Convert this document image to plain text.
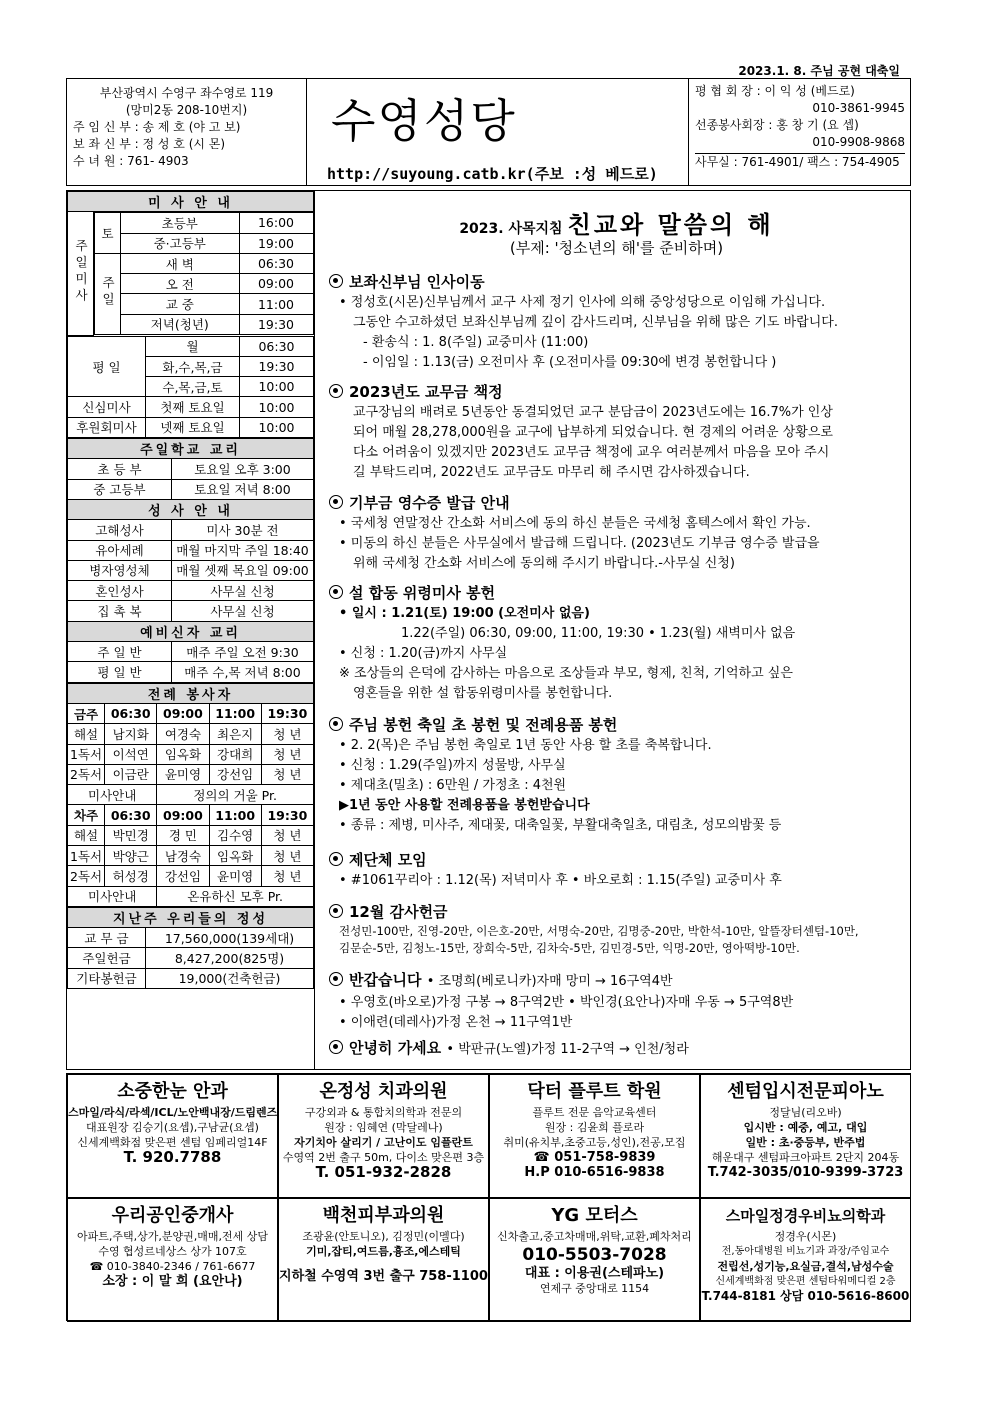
2023.1. 8. 주님 공현 대축일
부산광역시 수영구 좌수영로 119
(망미2동 208-10번지)
주 임 신 부 : 송 제 호 (야 고 보)
보 좌 신 부 : 정 성 호 (시 몬)
수 녀 원 : 761- 4903
수영성당
http://suyoung.catb.kr(주보 :성 베드로)
평 협 회 장 : 이 익 성 (베드로)
010-3861-9945
선종봉사회장 : 홍 창 기 (요 셉)
010-9908-9868
사무실 : 761-4901/ 팩스 : 754-4905
미 사 안 내
주일미사		
토	초등부	16:00
중·고등부	19:00
주일	새 벽	06:30
오 전	09:00
교 중	11:00
저녁(청년)	19:30

평 일	월	06:30
	화,수,목,금	19:30
	수,목,금,토	10:00
신심미사	첫째 토요일	10:00
후원회미사	넷째 토요일	10:00
주일학교 교리	
초 등 부	토요일 오후 3:00
중 고등부	토요일 저녁 8:00
성 사 안 내	
고해성사	미사 30분 전
유아세례	매월 마지막 주일 18:40
병자영성체	매월 셋째 목요일 09:00
혼인성사	사무실 신청
집 촉 복	사무실 신청
예비신자 교리	
주 일 반	매주 주일 오전 9:30
평 일 반	매주 수,목 저녁 8:00
전례 봉사자				
금주	06:30	09:00	11:00	19:30
해설	남지화	여경숙	최은지	청 년
1독서	이석연	임옥화	강대희	청 년
2독서	이금란	윤미영	강선임	청 년
미사안내		정의의 거울 Pr.		
차주	06:30	09:00	11:00	19:30
해설	박민경	경 민	김수영	청 년
1독서	박양근	남경숙	임옥화	청 년
2독서	허성경	강선임	윤미영	청 년
미사안내		온유하신 모후 Pr.		
지난주 우리들의 정성	
교 무 금	17,560,000(139세대)
주일헌금	8,427,200(825명)
기타봉헌금	19,000(건축헌금)
2023. 사목지침 친교와 말씀의 해
(부제: '청소년의 해'를 준비하며)
보좌신부님 인사이동
• 정성호(시몬)신부님께서 교구 사제 정기 인사에 의해 중앙성당으로 이임해 가십니다.
그동안 수고하셨던 보좌신부님께 깊이 감사드리며, 신부님을 위해 많은 기도 바랍니다.
- 환송식 : 1. 8(주일) 교중미사 (11:00)
- 이임일 : 1.13(금) 오전미사 후 (오전미사를 09:30에 변경 봉헌합니다 )
2023년도 교무금 책정
교구장님의 배려로 5년동안 동결되었던 교구 분담금이 2023년도에는 16.7%가 인상
되어 매월 28,278,000원을 교구에 납부하게 되었습니다. 현 경제의 어려운 상황으로
다소 어려움이 있겠지만 2023년도 교무금 책정에 교우 여러분께서 마음을 모아 주시
길 부탁드리며, 2022년도 교무금도 마무리 해 주시면 감사하겠습니다.
기부금 영수증 발급 안내
• 국세청 연말정산 간소화 서비스에 동의 하신 분들은 국세청 홈텍스에서 확인 가능.
• 미동의 하신 분들은 사무실에서 발급해 드립니다. (2023년도 기부금 영수증 발급을
위해 국세청 간소화 서비스에 동의해 주시기 바랍니다.-사무실 신청)
설 합동 위령미사 봉헌
• 일시 : 1.21(토) 19:00 (오전미사 없음)
1.22(주일) 06:30, 09:00, 11:00, 19:30 • 1.23(월) 새벽미사 없음
• 신청 : 1.20(금)까지 사무실
※ 조상들의 은덕에 감사하는 마음으로 조상들과 부모, 형제, 친척, 기억하고 싶은
영혼들을 위한 설 합동위령미사를 봉헌합니다.
주님 봉헌 축일 초 봉헌 및 전례용품 봉헌
• 2. 2(목)은 주님 봉헌 축일로 1년 동안 사용 할 초를 축복합니다.
• 신청 : 1.29(주일)까지 성물방, 사무실
• 제대초(밀초) : 6만원 / 가정초 : 4천원
▶1년 동안 사용할 전례용품을 봉헌받습니다
• 종류 : 제병, 미사주, 제대꽃, 대축일꽃, 부활대축일초, 대림초, 성모의밤꽃 등
제단체 모임
• #1061꾸리아 : 1.12(목) 저녁미사 후 • 바오로회 : 1.15(주일) 교중미사 후
12월 감사헌금
전성민-100만, 진영-20만, 이은호-20만, 서명숙-20만, 김명중-20만, 박한석-10만, 알뜰장터센텀-10만,
김문순-5만, 김청노-15만, 장희숙-5만, 김차숙-5만, 김민경-5만, 익명-20만, 영아떡방-10만.
반갑습니다 • 조명희(베로니카)자매 망미 → 16구역4반
• 우영호(바오로)가정 구봉 → 8구역2반 • 박인경(요안나)자매 우동 → 5구역8반
• 이애련(데레사)가정 온천 → 11구역1반
안녕히 가세요 • 박판규(노엘)가정 11-2구역 → 인천/청라
소중한눈 안과
스마일/라식/라섹/ICL/노안백내장/드림렌즈
대표원장 김승기(요셉),구남균(요셉)
신세계백화점 맞은편 센텀 임페리얼14F
T. 920.7788
온정성 치과의원
구강외과 & 통합치의학과 전문의
원장 : 임혜연 (막달레나)
자기치아 살리기 / 고난이도 임플란트
수영역 2번 출구 50m, 다이소 맞은편 3층
T. 051-932-2828
닥터 플루트 학원
플루트 전문 음악교육센터
원장 : 김윤희 플로라
취미(유치부,초중고등,성인),전공,모집
☎ 051-758-9839
H.P 010-6516-9838
센텀입시전문피아노
정달님(리오바)
입시반 : 예중, 예고, 대입
일반 : 초·중등부, 반주법
해운대구 센텀파크아파트 2단지 204동
T.742-3035/010-9399-3723
우리공인중개사
아파트,주택,상가,분양권,매매,전세 상담
수영 협성르네상스 상가 107호
☎ 010-3840-2346 / 761-6677
소장 : 이 말 희 (요안나)
백천피부과의원
조광윤(안토니오), 김정민(이멜다)
기미,잡티,여드름,흉조,에스테틱
지하철 수영역 3번 출구 758-1100
YG 모터스
신차출고,중고차매매,위탁,교환,폐차처리
010-5503-7028
대표 : 이용권(스테파노)
연제구 중앙대로 1154
스마일정경우비뇨의학과
정경우(시몬)
전,동아대병원 비뇨기과 과장/주임교수
전립선,성기능,요실금,결석,남성수술
신세계백화점 맞은편 센텀타워메디컬 2층
T.744-8181 상담 010-5616-8600
